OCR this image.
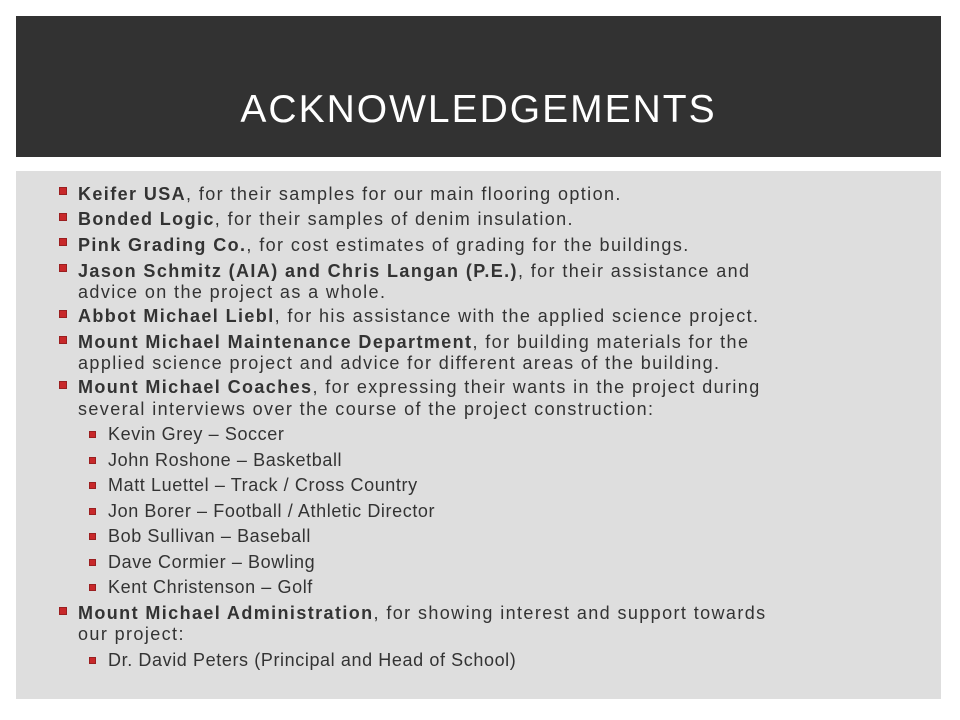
ACKNOWLEDGEMENTS
Keifer USA, for their samples for our main flooring option.
Bonded Logic, for their samples of denim insulation.
Pink Grading Co., for cost estimates of grading for the buildings.
Jason Schmitz (AIA) and Chris Langan (P.E.), for their assistance and
advice on the project as a whole.
Abbot Michael Liebl, for his assistance with the applied science project.
Mount Michael Maintenance Department, for building materials for the
applied science project and advice for different areas of the building.
Mount Michael Coaches, for expressing their wants in the project during
several interviews over the course of the project construction:
Kevin Grey – Soccer
John Roshone – Basketball
Matt Luettel – Track / Cross Country
Jon Borer – Football / Athletic Director
Bob Sullivan – Baseball
Dave Cormier – Bowling
Kent Christenson – Golf
Mount Michael Administration, for showing interest and support towards
our project:
Dr. David Peters (Principal and Head of School)
